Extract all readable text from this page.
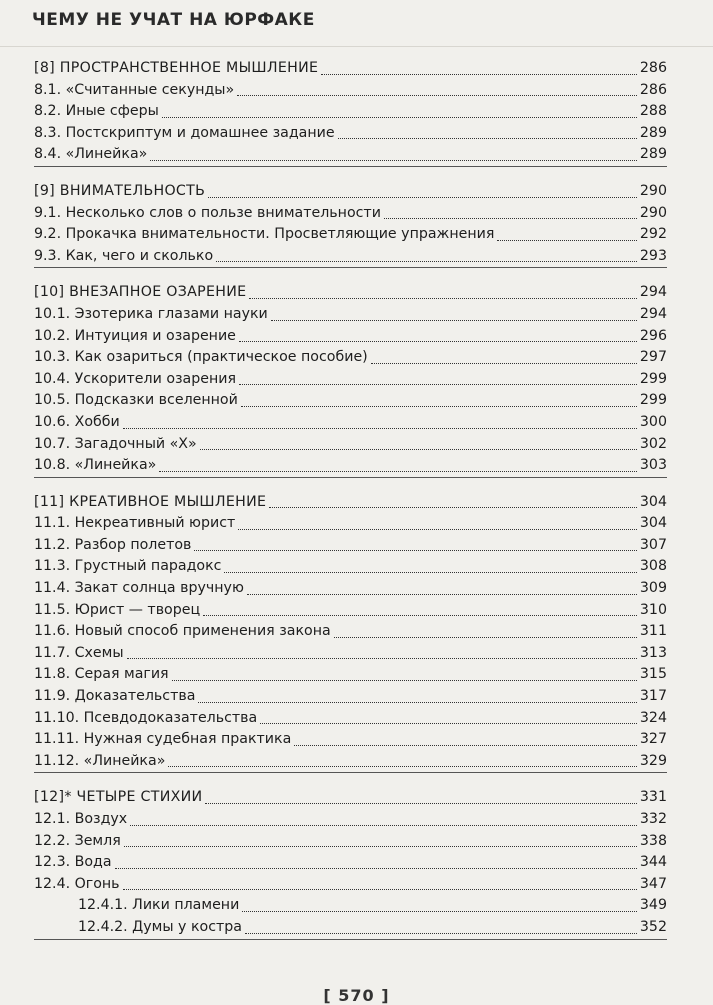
ЧЕМУ НЕ УЧАТ НА ЮРФАКЕ
[8] ПРОСТРАНСТВЕННОЕ МЫШЛЕНИЕ	286
8.1. «Считанные секунды»	286
8.2. Иные сферы	288
8.3. Постскриптум и домашнее задание	289
8.4. «Линейка»	289
[9] ВНИМАТЕЛЬНОСТЬ	290
9.1. Несколько слов о пользе внимательности	290
9.2. Прокачка внимательности. Просветляющие упражнения	292
9.3. Как, чего и сколько	293
[10] ВНЕЗАПНОЕ ОЗАРЕНИЕ	294
10.1. Эзотерика глазами науки	294
10.2. Интуиция и озарение	296
10.3. Как озариться (практическое пособие)	297
10.4. Ускорители озарения	299
10.5. Подсказки вселенной	299
10.6. Хобби	300
10.7. Загадочный «Х»	302
10.8. «Линейка»	303
[11] КРЕАТИВНОЕ МЫШЛЕНИЕ	304
11.1. Некреативный юрист	304
11.2. Разбор полетов	307
11.3. Грустный парадокс	308
11.4. Закат солнца вручную	309
11.5. Юрист — творец	310
11.6. Новый способ применения закона	311
11.7. Схемы	313
11.8. Серая магия	315
11.9. Доказательства	317
11.10. Псевдодоказательства	324
11.11. Нужная судебная практика	327
11.12. «Линейка»	329
[12]* ЧЕТЫРЕ СТИХИИ	331
12.1. Воздух	332
12.2. Земля	338
12.3. Вода	344
12.4. Огонь	347
12.4.1. Лики пламени	349
12.4.2. Думы у костра	352
[ 570 ]
